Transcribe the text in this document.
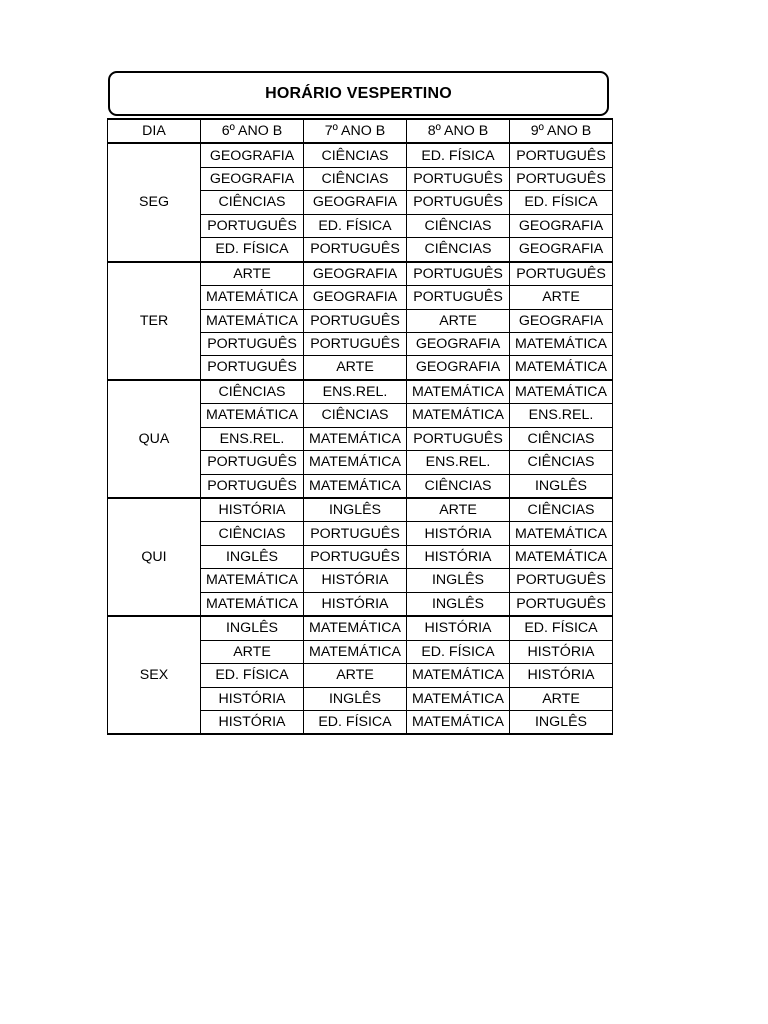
HORÁRIO VESPERTINO
DIA	6º ANO B	7º ANO B	8º ANO B	9º ANO B
SEG	GEOGRAFIA	CIÊNCIAS	ED. FÍSICA	PORTUGUÊS
	GEOGRAFIA	CIÊNCIAS	PORTUGUÊS	PORTUGUÊS
	CIÊNCIAS	GEOGRAFIA	PORTUGUÊS	ED. FÍSICA
	PORTUGUÊS	ED. FÍSICA	CIÊNCIAS	GEOGRAFIA
	ED. FÍSICA	PORTUGUÊS	CIÊNCIAS	GEOGRAFIA
TER	ARTE	GEOGRAFIA	PORTUGUÊS	PORTUGUÊS
	MATEMÁTICA	GEOGRAFIA	PORTUGUÊS	ARTE
	MATEMÁTICA	PORTUGUÊS	ARTE	GEOGRAFIA
	PORTUGUÊS	PORTUGUÊS	GEOGRAFIA	MATEMÁTICA
	PORTUGUÊS	ARTE	GEOGRAFIA	MATEMÁTICA
QUA	CIÊNCIAS	ENS.REL.	MATEMÁTICA	MATEMÁTICA
	MATEMÁTICA	CIÊNCIAS	MATEMÁTICA	ENS.REL.
	ENS.REL.	MATEMÁTICA	PORTUGUÊS	CIÊNCIAS
	PORTUGUÊS	MATEMÁTICA	ENS.REL.	CIÊNCIAS
	PORTUGUÊS	MATEMÁTICA	CIÊNCIAS	INGLÊS
QUI	HISTÓRIA	INGLÊS	ARTE	CIÊNCIAS
	CIÊNCIAS	PORTUGUÊS	HISTÓRIA	MATEMÁTICA
	INGLÊS	PORTUGUÊS	HISTÓRIA	MATEMÁTICA
	MATEMÁTICA	HISTÓRIA	INGLÊS	PORTUGUÊS
	MATEMÁTICA	HISTÓRIA	INGLÊS	PORTUGUÊS
SEX	INGLÊS	MATEMÁTICA	HISTÓRIA	ED. FÍSICA
	ARTE	MATEMÁTICA	ED. FÍSICA	HISTÓRIA
	ED. FÍSICA	ARTE	MATEMÁTICA	HISTÓRIA
	HISTÓRIA	INGLÊS	MATEMÁTICA	ARTE
	HISTÓRIA	ED. FÍSICA	MATEMÁTICA	INGLÊS
